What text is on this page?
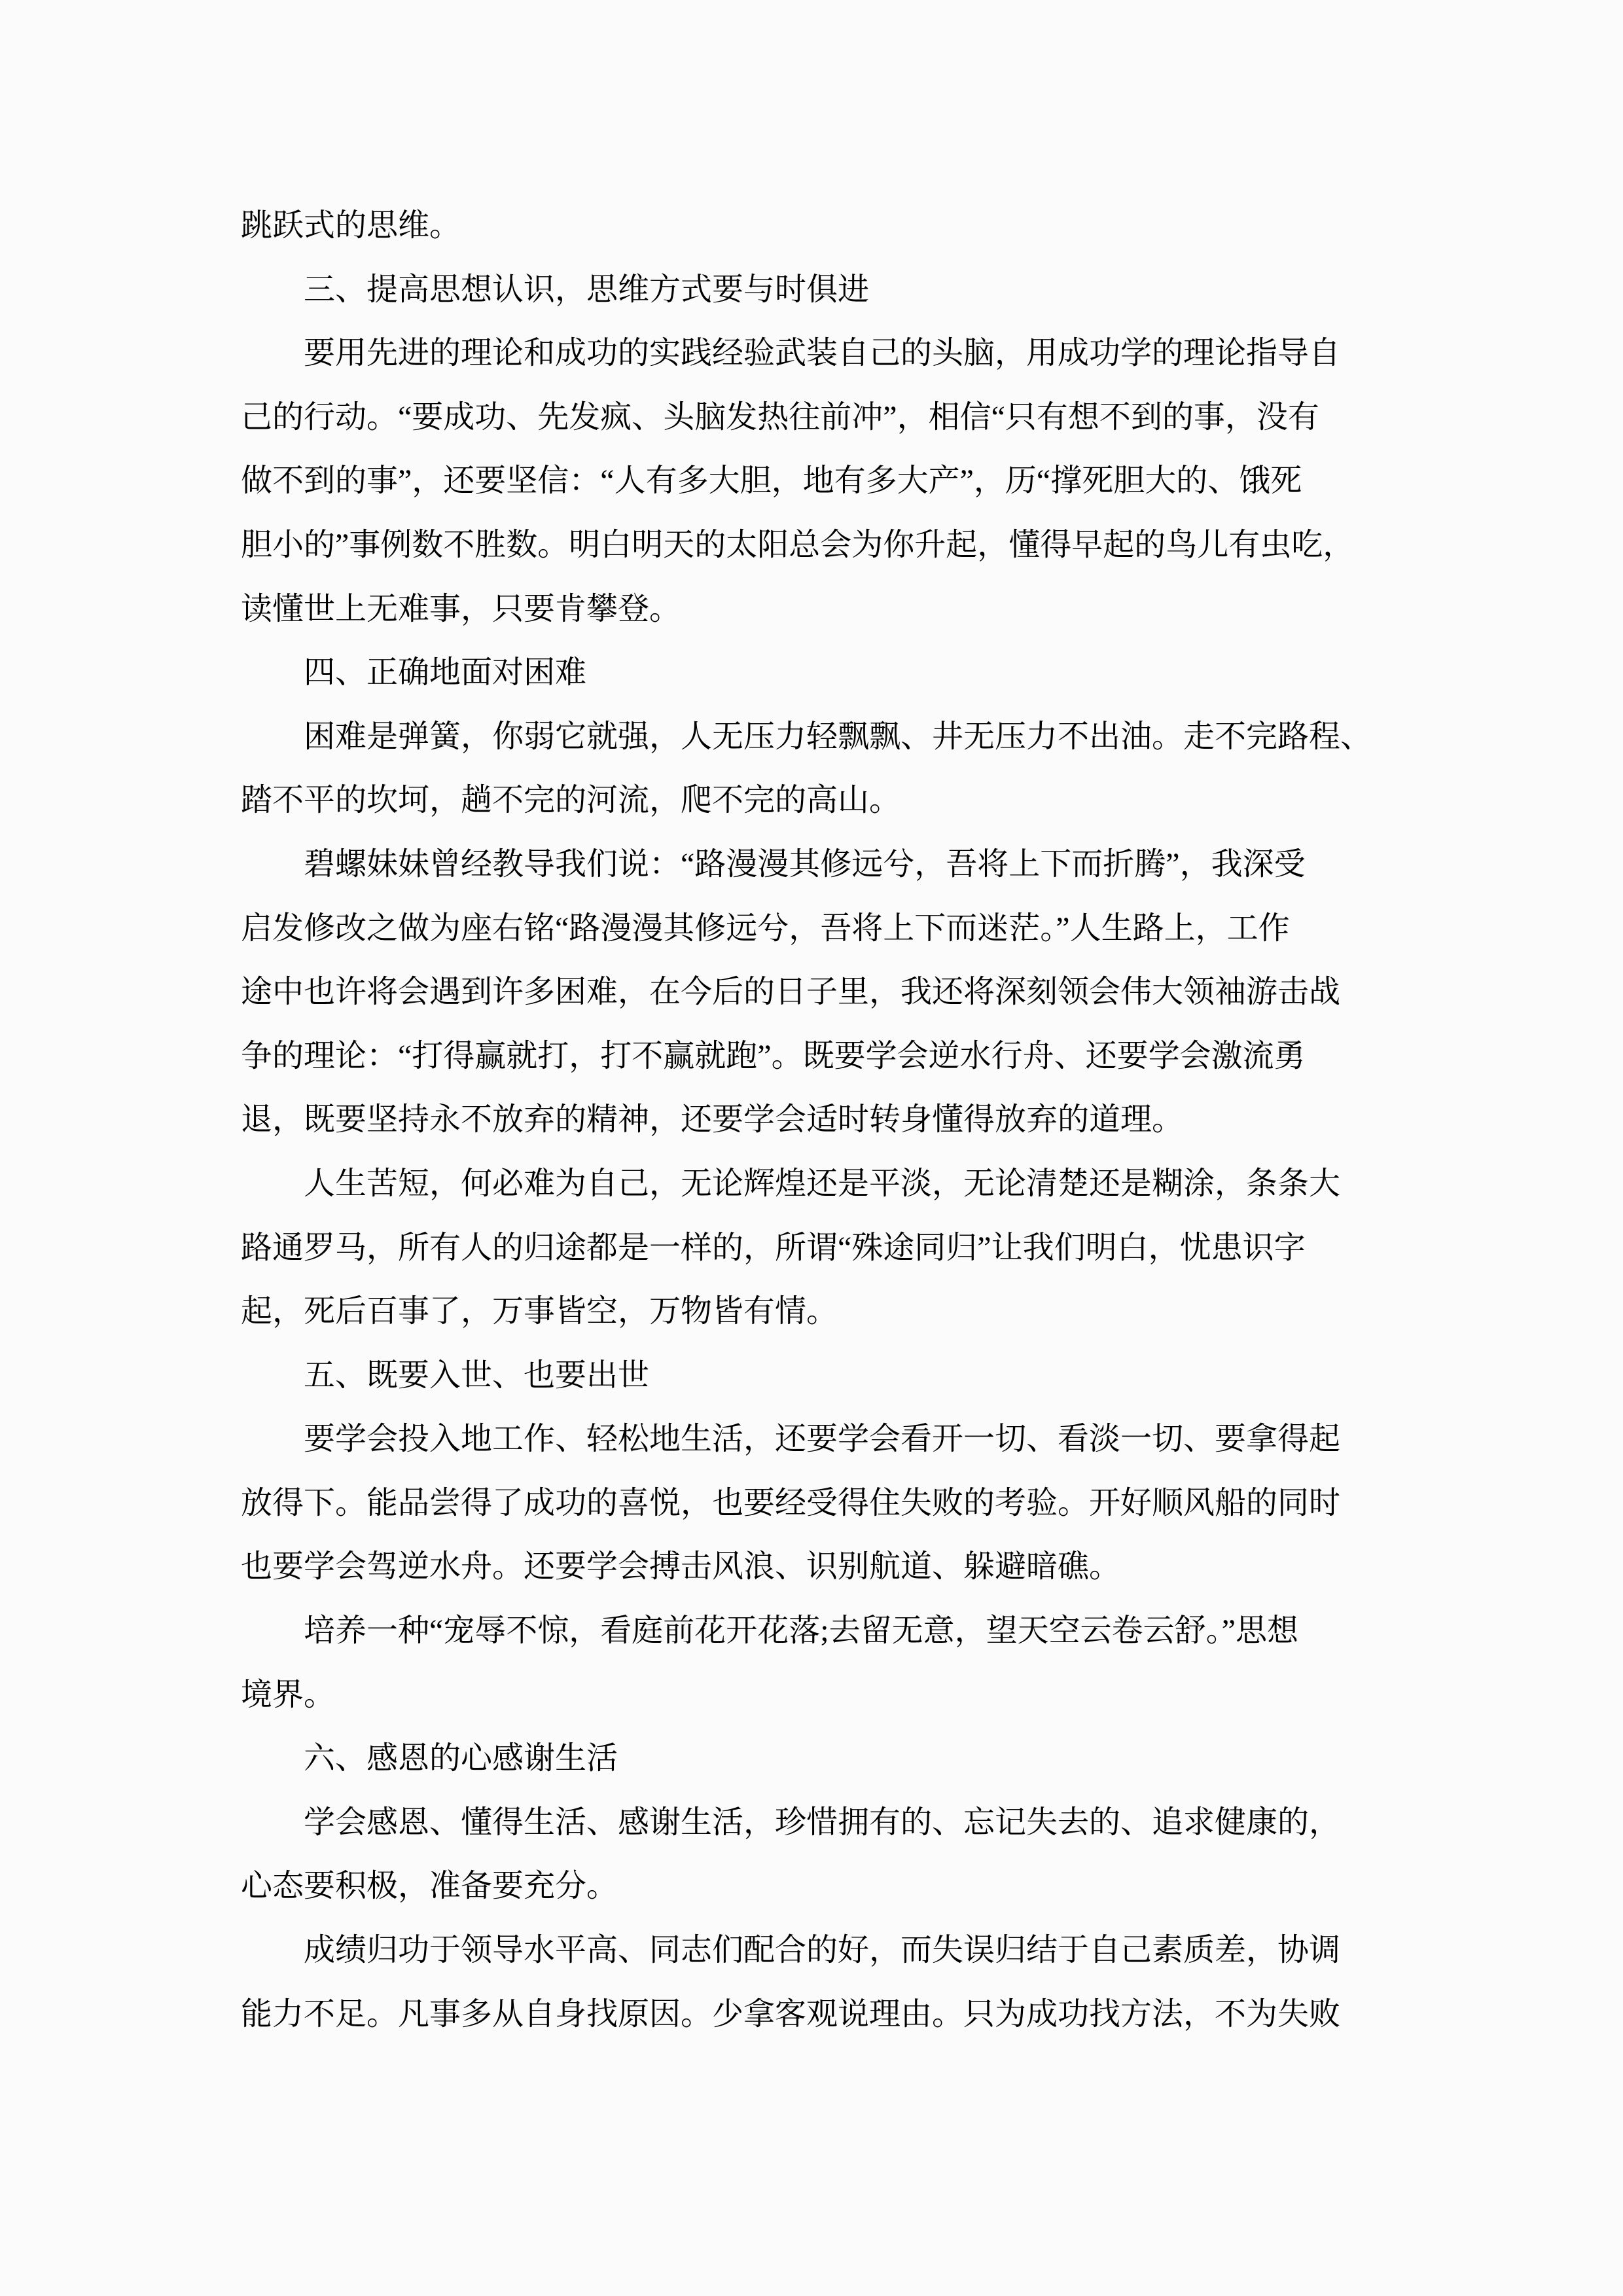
跳跃式的思维。
　　三、提高思想认识，思维方式要与时俱进
　　要用先进的理论和成功的实践经验武装自己的头脑，用成功学的理论指导自
己的行动。“要成功、先发疯、头脑发热往前冲”，相信“只有想不到的事，没有
做不到的事”，还要坚信：“人有多大胆，地有多大产”，历“撑死胆大的、饿死
胆小的”事例数不胜数。明白明天的太阳总会为你升起，懂得早起的鸟儿有虫吃，
读懂世上无难事，只要肯攀登。
　　四、正确地面对困难
　　困难是弹簧，你弱它就强，人无压力轻飘飘、井无压力不出油。走不完路程、
踏不平的坎坷，趟不完的河流，爬不完的高山。
　　碧螺妹妹曾经教导我们说：“路漫漫其修远兮，吾将上下而折腾”，我深受
启发修改之做为座右铭“路漫漫其修远兮，吾将上下而迷茫。”人生路上，工作
途中也许将会遇到许多困难，在今后的日子里，我还将深刻领会伟大领袖游击战
争的理论：“打得赢就打，打不赢就跑”。既要学会逆水行舟、还要学会激流勇
退，既要坚持永不放弃的精神，还要学会适时转身懂得放弃的道理。
　　人生苦短，何必难为自己，无论辉煌还是平淡，无论清楚还是糊涂，条条大
路通罗马，所有人的归途都是一样的，所谓“殊途同归”让我们明白，忧患识字
起，死后百事了，万事皆空，万物皆有情。
　　五、既要入世、也要出世
　　要学会投入地工作、轻松地生活，还要学会看开一切、看淡一切、要拿得起
放得下。能品尝得了成功的喜悦，也要经受得住失败的考验。开好顺风船的同时
也要学会驾逆水舟。还要学会搏击风浪、识别航道、躲避暗礁。
　　培养一种“宠辱不惊，看庭前花开花落;去留无意，望天空云卷云舒。”思想
境界。
　　六、感恩的心感谢生活
　　学会感恩、懂得生活、感谢生活，珍惜拥有的、忘记失去的、追求健康的，
心态要积极，准备要充分。
　　成绩归功于领导水平高、同志们配合的好，而失误归结于自己素质差，协调
能力不足。凡事多从自身找原因。少拿客观说理由。只为成功找方法，不为失败
